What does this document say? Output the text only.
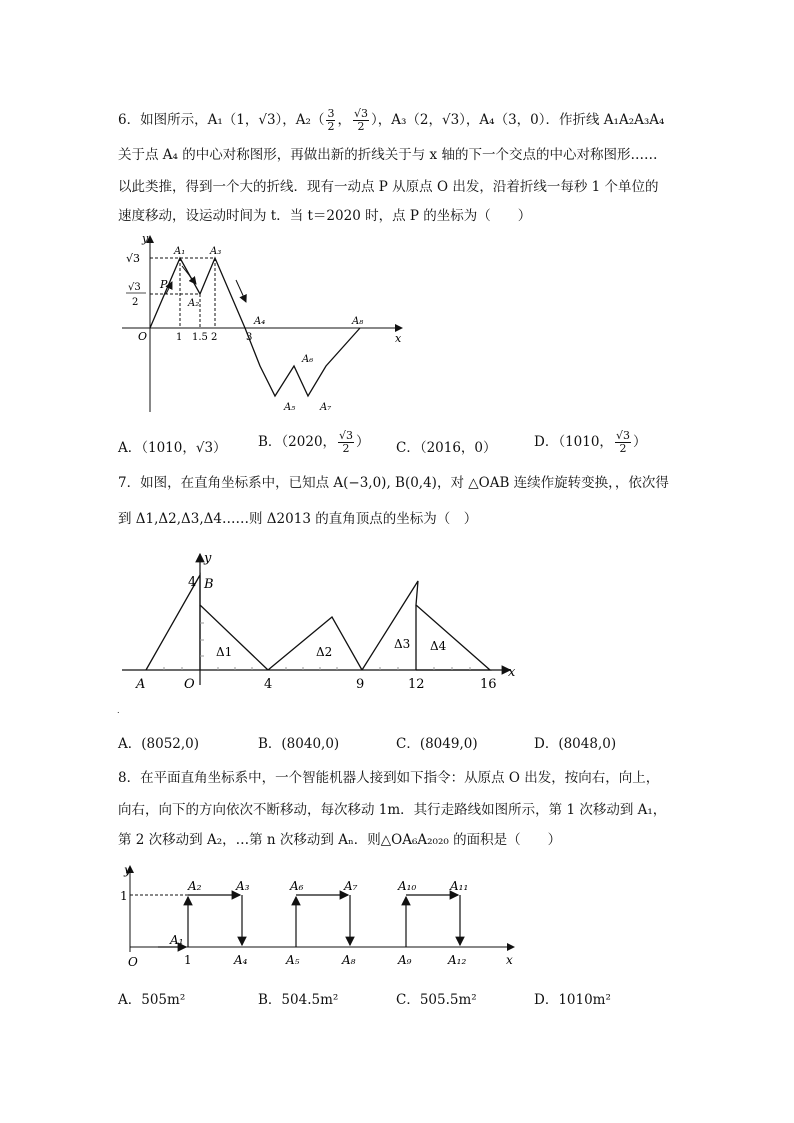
6．如图所示，A₁（1，√3），$A_2( \frac{3}{2}$ ， $\frac{√3}{2}$ ），A₃（2，√3），A₄（3，0）．作折线 A₁A₂A₃A₄
关于点 A₄ 的中心对称图形，再做出新的折线关于与 x 轴的下一个交点的中心对称图形……
以此类推，得到一个大的折线．现有一动点 P 从原点 O 出发，沿着折线一每秒 1 个单位的
速度移动，设运动时间为 t．当 t＝2020 时，点 P 的坐标为（　　）
y
x
O
P
√3
√3
2
A₁
A₂
A₃
A₄
A₅
A₆
A₇
A₈
1 1.5 2	3
A．（1010，√3） B．（2020， $\frac{√3}{2}$ ） C．（2016，0）	D．（1010， $\frac{√3}{2}$ ）
7．如图，在直角坐标系中，已知点 A(−3,0), B(0,4)，对 △OAB 连续作旋转变换，，依次得
到 Δ1,Δ2,Δ3,Δ4……则 Δ2013 的直角顶点的坐标为（　）
y
x
B
4
A	O	4	9	12	16
Δ1	Δ2
Δ3 Δ4
.
A．(8052,0)	B．(8040,0)	C．(8049,0)	D．(8048,0)
8．在平面直角坐标系中，一个智能机器人接到如下指令：从原点 O 出发，按向右，向上，
向右，向下的方向依次不断移动，每次移动 1m．其行走路线如图所示，第 1 次移动到 A₁，
第 2 次移动到 A₂，…第 n 次移动到 Aₙ．则△OA₆A₂₀₂₀ 的面积是（　　）
y
x
O
1
1
A₁
A₂	A₃
A₄	A₅
A₆	A₇
A₈	A₉
A₁₀	A₁₁
A₁₂
A．505m²	B．504.5m²	C．505.5m²	D．1010m²
